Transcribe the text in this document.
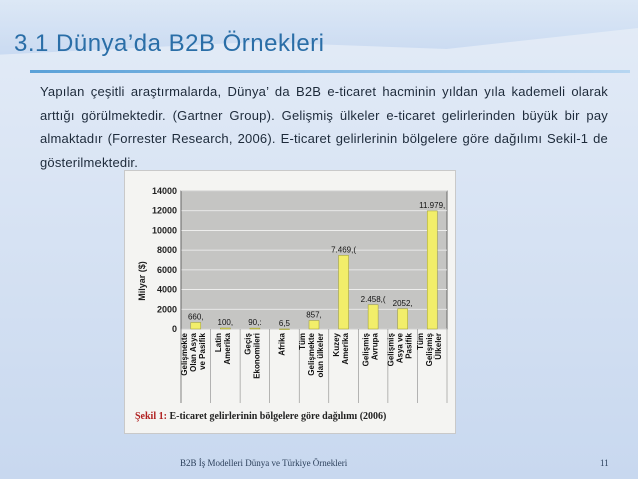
3.1 Dünya’da B2B Örnekleri
Yapılan çeşitli araştırmalarda, Dünya’ da B2B e-ticaret hacminin yıldan yıla kademeli olarak arttığı görülmektedir. (Gartner Group). Gelişmiş ülkeler e-ticaret gelirlerinden büyük bir pay almaktadır (Forrester Research, 2006). E-ticaret gelirlerinin bölgelere göre dağılımı Sekil-1 de gösterilmektedir.
Milyar ($)
0
2000
4000
6000
8000
10000
12000
14000
660,
Gelişmekte Olan Asya ve Pasifik
100,
Latin Amerika
90,:
Geçiş Ekonomileri
6,5
Afrika
857,
Tüm Gelişmekte olan ülkeler
7.469,(
Kuzey Amerika
2.458,(
Gelişmiş Avrupa
2052,
Gelişmiş Asya ve Pasifik
11.979,
Tüm Gelişmiş Ülkeler
Şekil 1: E-ticaret gelirlerinin bölgelere göre dağılımı (2006)
B2B İş Modelleri Dünya ve Türkiye Örnekleri	11
